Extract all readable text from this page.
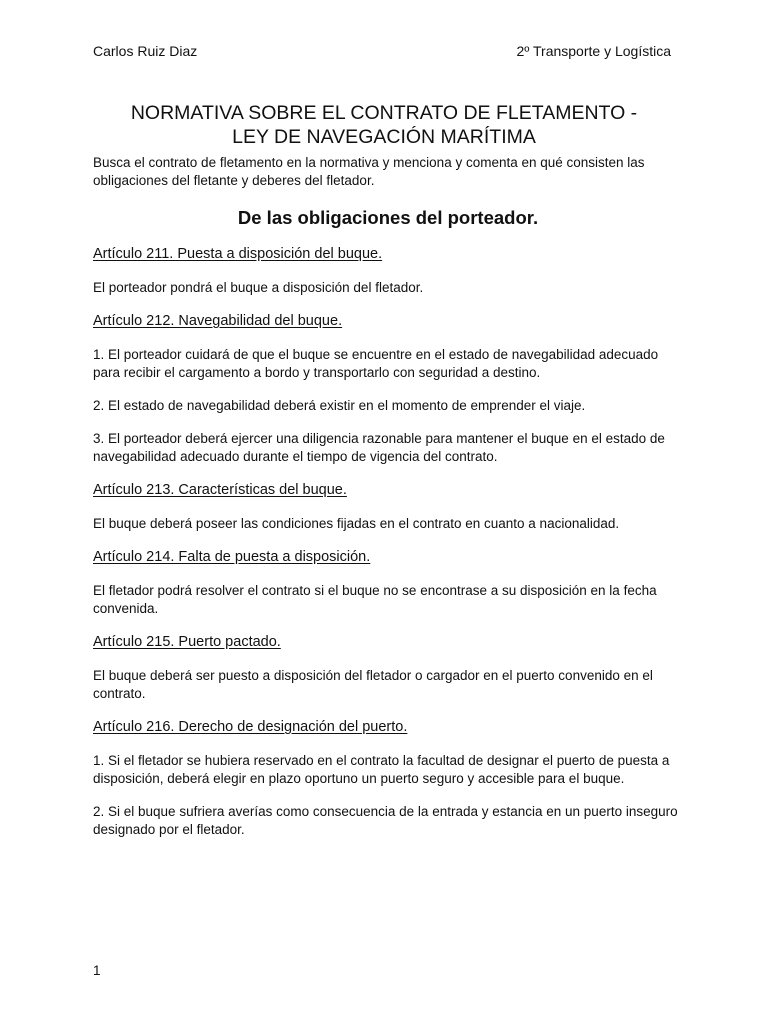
Carlos Ruiz Diaz	2º Transporte y Logística
NORMATIVA SOBRE EL CONTRATO DE FLETAMENTO -
LEY DE NAVEGACIÓN MARÍTIMA

Busca el contrato de fletamento en la normativa y menciona y comenta en qué consisten las obligaciones del fletante y deberes del fletador.

De las obligaciones del porteador.

Artículo 211. Puesta a disposición del buque.

El porteador pondrá el buque a disposición del fletador.

Artículo 212. Navegabilidad del buque.

1. El porteador cuidará de que el buque se encuentre en el estado de navegabilidad adecuado para recibir el cargamento a bordo y transportarlo con seguridad a destino.

2. El estado de navegabilidad deberá existir en el momento de emprender el viaje.

3. El porteador deberá ejercer una diligencia razonable para mantener el buque en el estado de navegabilidad adecuado durante el tiempo de vigencia del contrato.

Artículo 213. Características del buque.

El buque deberá poseer las condiciones fijadas en el contrato en cuanto a nacionalidad.

Artículo 214. Falta de puesta a disposición.

El fletador podrá resolver el contrato si el buque no se encontrase a su disposición en la fecha convenida.

Artículo 215. Puerto pactado.

El buque deberá ser puesto a disposición del fletador o cargador en el puerto convenido en el contrato.

Artículo 216. Derecho de designación del puerto.

1. Si el fletador se hubiera reservado en el contrato la facultad de designar el puerto de puesta a disposición, deberá elegir en plazo oportuno un puerto seguro y accesible para el buque.

2. Si el buque sufriera averías como consecuencia de la entrada y estancia en un puerto inseguro designado por el fletador.

1
